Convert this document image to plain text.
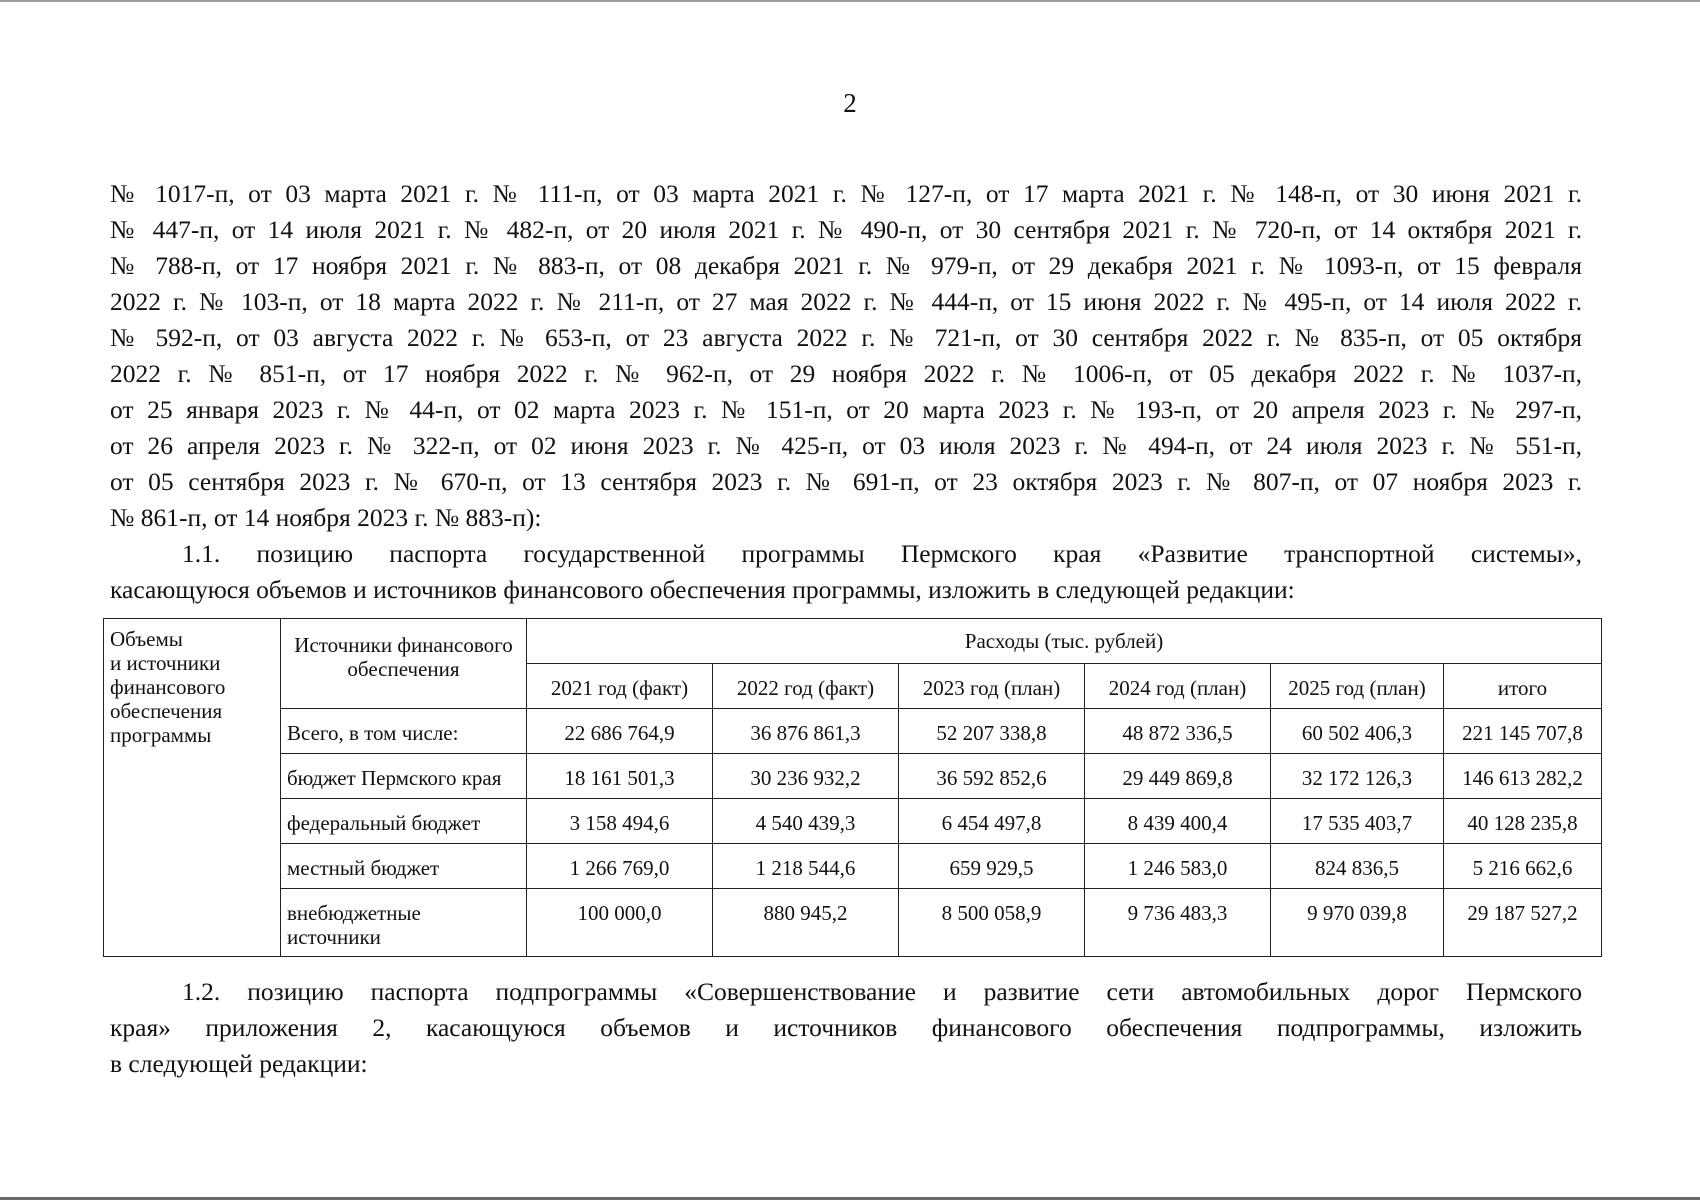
2
№ 1017-п, от 03 марта 2021 г. № 111-п, от 03 марта 2021 г. № 127-п, от 17 марта 2021 г. № 148-п, от 30 июня 2021 г.
№ 447-п, от 14 июля 2021 г. № 482-п, от 20 июля 2021 г. № 490-п, от 30 сентября 2021 г. № 720-п, от 14 октября 2021 г.
№ 788-п, от 17 ноября 2021 г. № 883-п, от 08 декабря 2021 г. № 979-п, от 29 декабря 2021 г. № 1093-п, от 15 февраля
2022 г. № 103-п, от 18 марта 2022 г. № 211-п, от 27 мая 2022 г. № 444-п, от 15 июня 2022 г. № 495-п, от 14 июля 2022 г.
№ 592-п, от 03 августа 2022 г. № 653-п, от 23 августа 2022 г. № 721-п, от 30 сентября 2022 г. № 835-п, от 05 октября
2022 г. № 851-п, от 17 ноября 2022 г. № 962-п, от 29 ноября 2022 г. № 1006-п, от 05 декабря 2022 г. № 1037-п,
от 25 января 2023 г. № 44-п, от 02 марта 2023 г. № 151-п, от 20 марта 2023 г. № 193-п, от 20 апреля 2023 г. № 297-п,
от 26 апреля 2023 г. № 322-п, от 02 июня 2023 г. № 425-п, от 03 июля 2023 г. № 494-п, от 24 июля 2023 г. № 551-п,
от 05 сентября 2023 г. № 670-п, от 13 сентября 2023 г. № 691-п, от 23 октября 2023 г. № 807-п, от 07 ноября 2023 г.
№ 861-п, от 14 ноября 2023 г. № 883-п):
1.1. позицию паспорта государственной программы Пермского края «Развитие транспортной системы»,
касающуюся объемов и источников финансового обеспечения программы, изложить в следующей редакции:
Объемы
и источники
финансового
обеспечения
программы	Источники финансового обеспечения	Расходы (тыс. рублей)					
		2021 год (факт)	2022 год (факт)	2023 год (план)	2024 год (план)	2025 год (план)	итого
	Всего, в том числе:	22 686 764,9	36 876 861,3	52 207 338,8	48 872 336,5	60 502 406,3	221 145 707,8
	бюджет Пермского края	18 161 501,3	30 236 932,2	36 592 852,6	29 449 869,8	32 172 126,3	146 613 282,2
	федеральный бюджет	3 158 494,6	4 540 439,3	6 454 497,8	8 439 400,4	17 535 403,7	40 128 235,8
	местный бюджет	1 266 769,0	1 218 544,6	659 929,5	1 246 583,0	824 836,5	5 216 662,6

	внебюджетные
источники	100 000,0	880 945,2	8 500 058,9	9 736 483,3	9 970 039,8	29 187 527,2
1.2. позицию паспорта подпрограммы «Совершенствование и развитие сети автомобильных дорог Пермского
края» приложения 2, касающуюся объемов и источников финансового обеспечения подпрограммы, изложить
в следующей редакции:
